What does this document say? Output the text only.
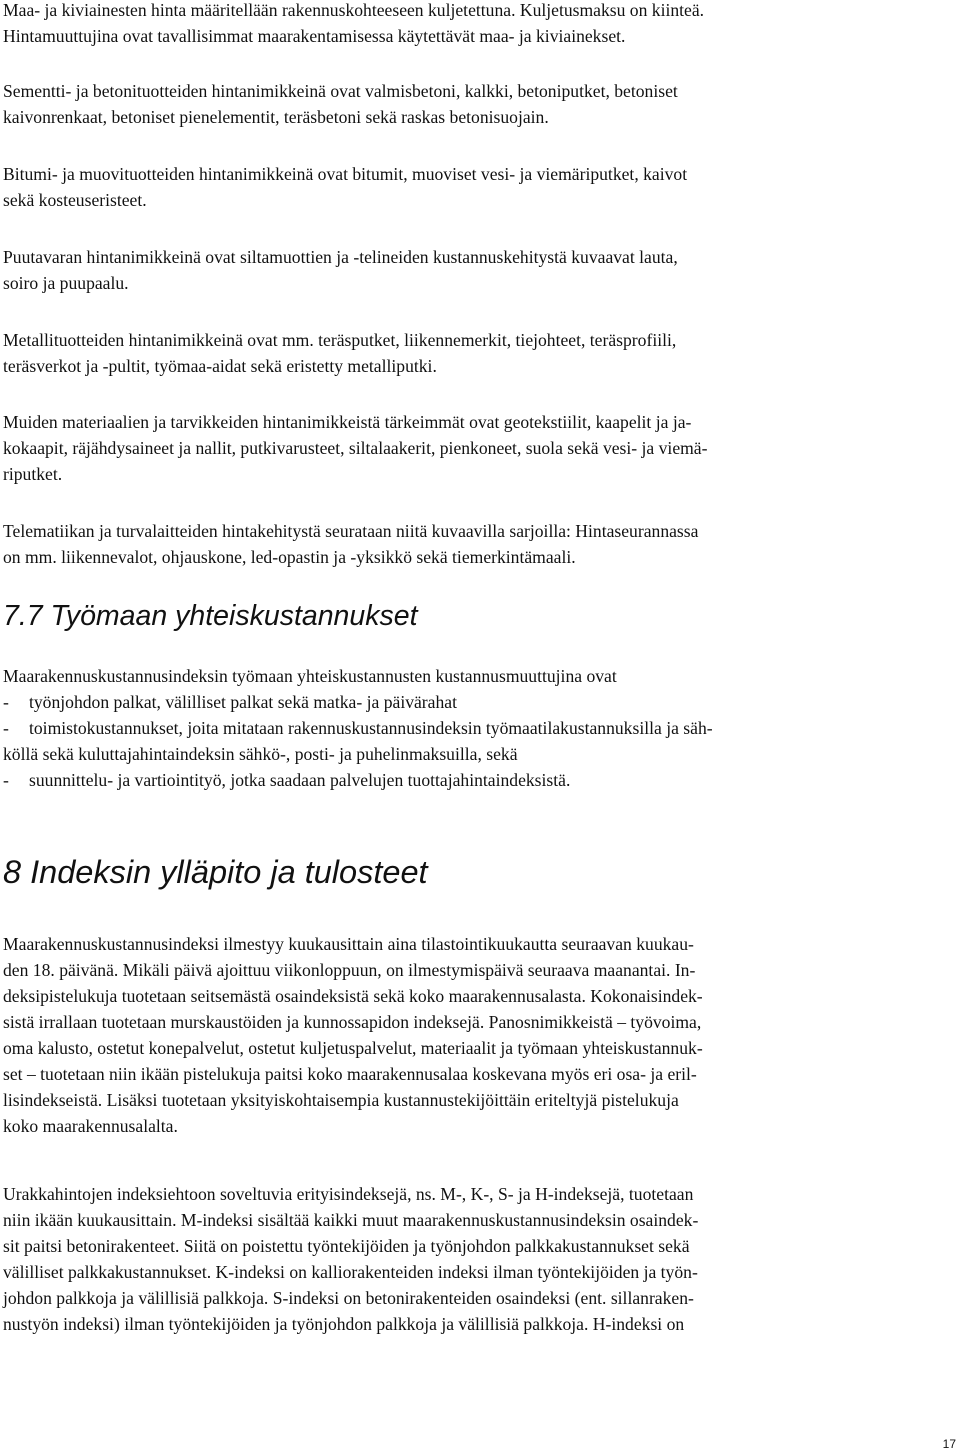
Maa- ja kiviainesten hinta määritellään rakennuskohteeseen kuljetettuna. Kuljetusmaksu on kiinteä.

Hintamuuttujina ovat tavallisimmat maarakentamisessa käytettävät maa- ja kiviainekset.

Sementti- ja betonituotteiden hintanimikkeinä ovat valmisbetoni, kalkki, betoniputket, betoniset

kaivonrenkaat, betoniset pienelementit, teräsbetoni sekä raskas betonisuojain.

Bitumi- ja muovituotteiden hintanimikkeinä ovat bitumit, muoviset vesi- ja viemäriputket, kaivot

sekä kosteuseristeet.

Puutavaran hintanimikkeinä ovat siltamuottien ja -telineiden kustannuskehitystä kuvaavat lauta,

soiro ja puupaalu.

Metallituotteiden hintanimikkeinä ovat mm. teräsputket, liikennemerkit, tiejohteet, teräsprofiili,

teräsverkot ja -pultit, työmaa-aidat sekä eristetty metalliputki.

Muiden materiaalien ja tarvikkeiden hintanimikkeistä tärkeimmät ovat geotekstiilit, kaapelit ja ja-

kokaapit, räjähdysaineet ja nallit, putkivarusteet, siltalaakerit, pienkoneet, suola sekä vesi- ja viemä-

riputket.

Telematiikan ja turvalaitteiden hintakehitystä seurataan niitä kuvaavilla sarjoilla: Hintaseurannassa

on mm. liikennevalot, ohjauskone, led-opastin ja -yksikkö sekä tiemerkintämaali.

7.7 Työmaan yhteiskustannukset

Maarakennuskustannusindeksin työmaan yhteiskustannusten kustannusmuuttujina ovat

-	työnjohdon palkat, välilliset palkat sekä matka- ja päivärahat
-	toimistokustannukset, joita mitataan rakennuskustannusindeksin työmaatilakustannuksilla ja säh-

köllä sekä kuluttajahintaindeksin sähkö-, posti- ja puhelinmaksuilla, sekä

-	suunnittelu- ja vartiointityö, jotka saadaan palvelujen tuottajahintaindeksistä.
8 Indeksin ylläpito ja tulosteet

Maarakennuskustannusindeksi ilmestyy kuukausittain aina tilastointikuukautta seuraavan kuukau-

den 18. päivänä. Mikäli päivä ajoittuu viikonloppuun, on ilmestymispäivä seuraava maanantai. In-

deksipistelukuja tuotetaan seitsemästä osaindeksistä sekä koko maarakennusalasta. Kokonaisindek-

sistä irrallaan tuotetaan murskaustöiden ja kunnossapidon indeksejä. Panosnimikkeistä – työvoima,

oma kalusto, ostetut konepalvelut, ostetut kuljetuspalvelut, materiaalit ja työmaan yhteiskustannuk-

set – tuotetaan niin ikään pistelukuja paitsi koko maarakennusalaa koskevana myös eri osa- ja eril-

lisindekseistä. Lisäksi tuotetaan yksityiskohtaisempia kustannustekijöittäin eriteltyjä pistelukuja

koko maarakennusalalta.

Urakkahintojen indeksiehtoon soveltuvia erityisindeksejä, ns. M-, K-, S- ja H-indeksejä, tuotetaan

niin ikään kuukausittain. M-indeksi sisältää kaikki muut maarakennuskustannusindeksin osaindek-

sit paitsi betonirakenteet. Siitä on poistettu työntekijöiden ja työnjohdon palkkakustannukset sekä

välilliset palkkakustannukset. K-indeksi on kalliorakenteiden indeksi ilman työntekijöiden ja työn-

johdon palkkoja ja välillisiä palkkoja. S-indeksi on betonirakenteiden osaindeksi (ent. sillanraken-

nustyön indeksi) ilman työntekijöiden ja työnjohdon palkkoja ja välillisiä palkkoja. H-indeksi on

17
